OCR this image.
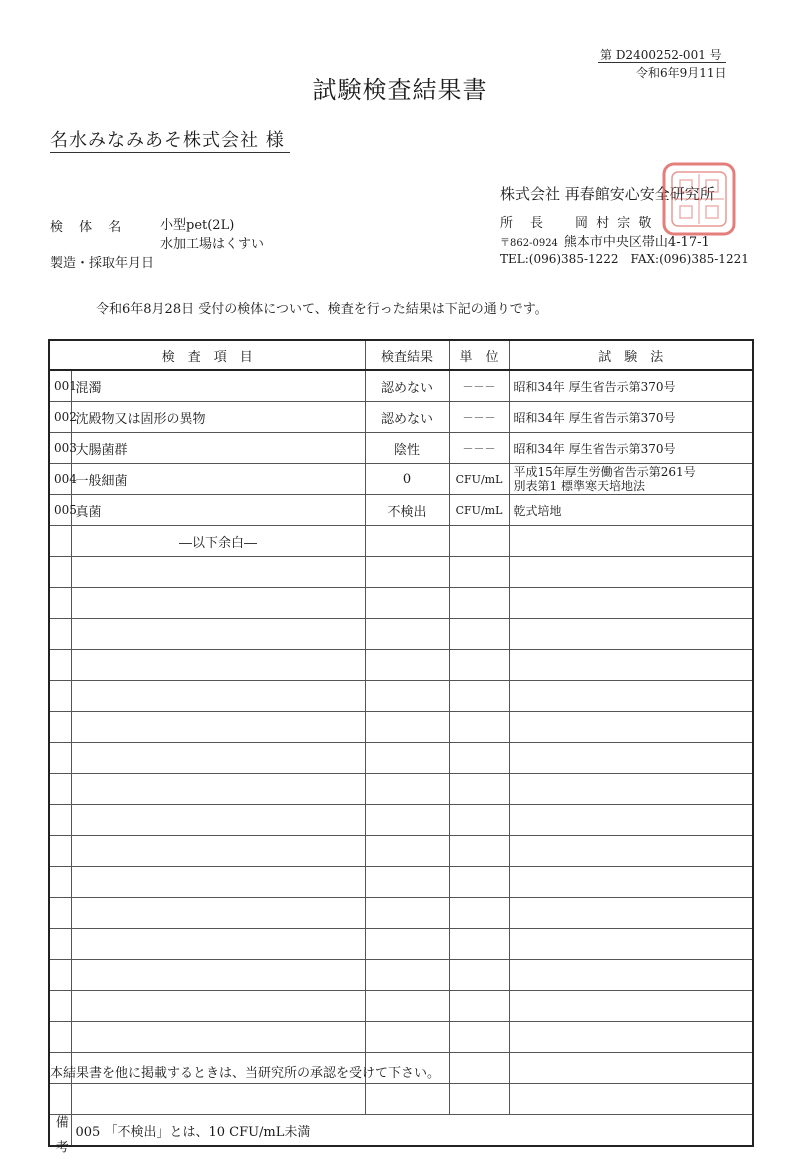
第 D2400252-001 号
令和6年9月11日
試験検査結果書
名水みなみあそ株式会社 様
株式会社 再春館安心安全研究所
所　長　　岡 村 宗 敬
〒862-0924 熊本市中央区帯山4-17-1
TEL:(096)385-1222　FAX:(096)385-1221
検 体 名	小型pet(2L)
水加工場はくすい
製造・採取年月日
令和6年8月28日 受付の検体について、検査を行った結果は下記の通りです。
検　査　項　目		検査結果	単　位	試　験　法
001	混濁	認めない	－－－	昭和34年 厚生省告示第370号
002	沈殿物又は固形の異物	認めない	－－－	昭和34年 厚生省告示第370号
003	大腸菌群	陰性	－－－	昭和34年 厚生省告示第370号
004	一般細菌	0	CFU/mL	平成15年厚生労働省告示第261号
別表第1 標準寒天培地法

005	真菌	不検出	CFU/mL	乾式培地
	―以下余白―			

備考	005 「不検出」とは、10 CFU/mL未満			
本結果書を他に掲載するときは、当研究所の承認を受けて下さい。
